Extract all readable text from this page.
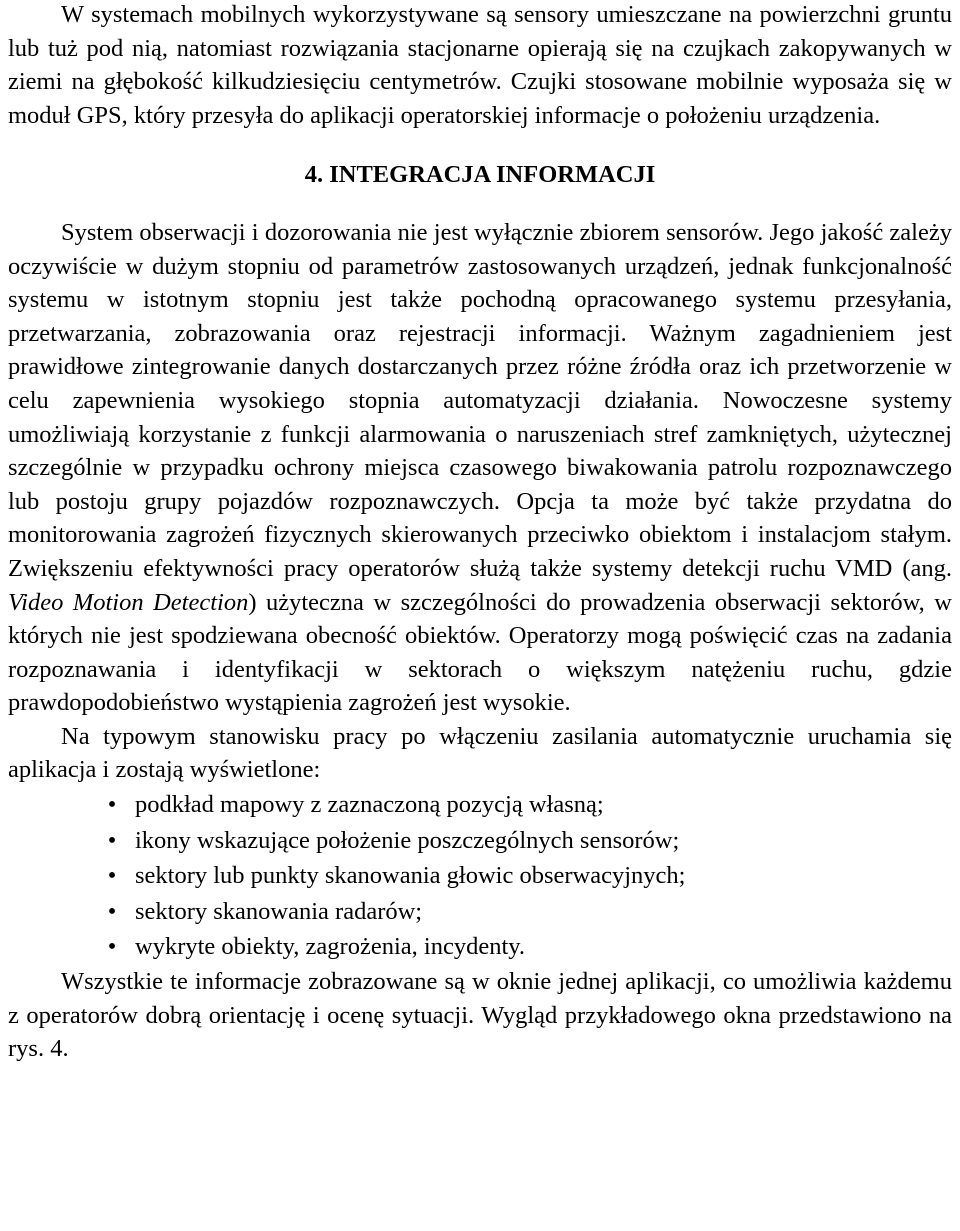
W systemach mobilnych wykorzystywane są sensory umieszczane na powierzchni gruntu lub tuż pod nią, natomiast rozwiązania stacjonarne opierają się na czujkach zakopywanych w ziemi na głębokość kilkudziesięciu centymetrów. Czujki stosowane mobilnie wyposaża się w moduł GPS, który przesyła do aplikacji operatorskiej informacje o położeniu urządzenia.

4. INTEGRACJA INFORMACJI

System obserwacji i dozorowania nie jest wyłącznie zbiorem sensorów. Jego jakość zależy oczywiście w dużym stopniu od parametrów zastosowanych urządzeń, jednak funkcjonalność systemu w istotnym stopniu jest także pochodną opracowanego systemu przesyłania, przetwarzania, zobrazowania oraz rejestracji informacji. Ważnym zagadnieniem jest prawidłowe zintegrowanie danych dostarczanych przez różne źródła oraz ich przetworzenie w celu zapewnienia wysokiego stopnia automatyzacji działania. Nowoczesne systemy umożliwiają korzystanie z funkcji alarmowania o naruszeniach stref zamkniętych, użytecznej szczególnie w przypadku ochrony miejsca czasowego biwakowania patrolu rozpoznawczego lub postoju grupy pojazdów rozpoznawczych. Opcja ta może być także przydatna do monitorowania zagrożeń fizycznych skierowanych przeciwko obiektom i instalacjom stałym. Zwiększeniu efektywności pracy operatorów służą także systemy detekcji ruchu VMD (ang. Video Motion Detection) użyteczna w szczególności do prowadzenia obserwacji sektorów, w których nie jest spodziewana obecność obiektów. Operatorzy mogą poświęcić czas na zadania rozpoznawania i identyfikacji w sektorach o większym natężeniu ruchu, gdzie prawdopodobieństwo wystąpienia zagrożeń jest wysokie.

Na typowym stanowisku pracy po włączeniu zasilania automatycznie uruchamia się aplikacja i zostają wyświetlone:

• podkład mapowy z zaznaczoną pozycją własną;
• ikony wskazujące położenie poszczególnych sensorów;
• sektory lub punkty skanowania głowic obserwacyjnych;
• sektory skanowania radarów;
• wykryte obiekty, zagrożenia, incydenty.

Wszystkie te informacje zobrazowane są w oknie jednej aplikacji, co umożliwia każdemu z operatorów dobrą orientację i ocenę sytuacji. Wygląd przykładowego okna przedstawiono na rys. 4.
